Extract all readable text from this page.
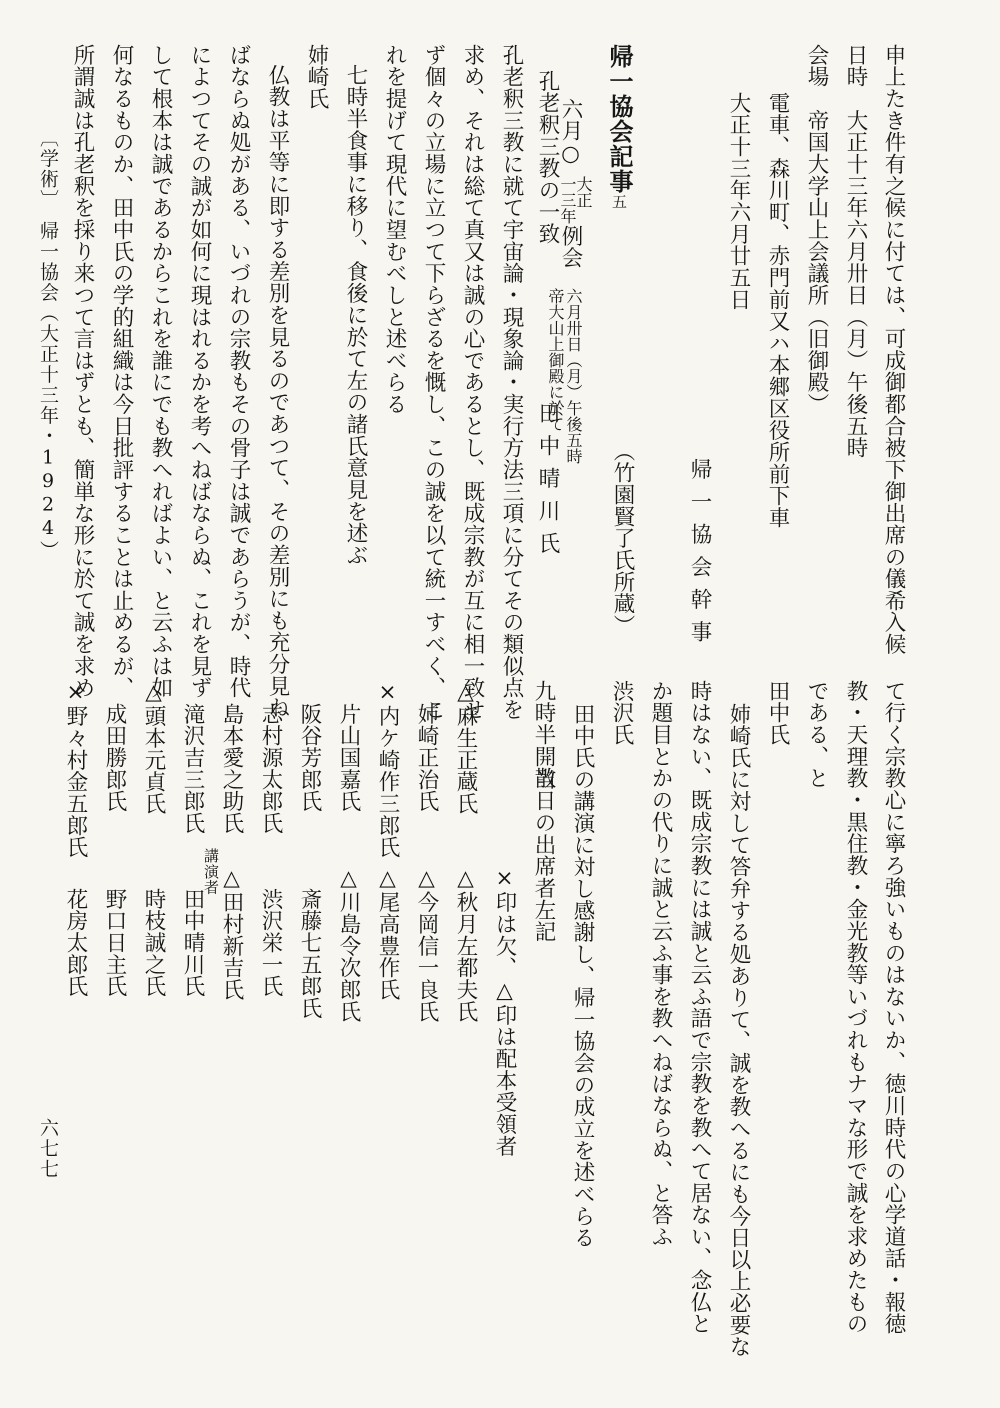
申上たき件有之候に付ては、可成御都合被下御出席の儀希入候
日時　大正十三年六月卅日（月）午後五時
会場　帝国大学山上会議所（旧御殿）
電車、森川町、赤門前又ハ本郷区役所前下車
大正十三年六月廿五日
帰一協会幹事
（竹園賢了氏所蔵）
帰一協会記事五
六月○
大正
一三年
例会
六月卅日（月）午後五時
帝大山上御殿に於て
孔老釈三教の一致
田中晴川氏
孔老釈三教に就て宇宙論・現象論・実行方法三項に分てその類似点を
求め、それは総て真又は誠の心であるとし、既成宗教が互に相一致せ
ず個々の立場に立つて下らざるを慨し、この誠を以て統一すべく、こ
れを提げて現代に望むべしと述べらる
七時半食事に移り、食後に於て左の諸氏意見を述ぶ
姉崎氏
仏教は平等に即する差別を見るのであつて、その差別にも充分見ね
ばならぬ処がある、いづれの宗教もその骨子は誠であらうが、時代
によつてその誠が如何に現はれるかを考へねばならぬ、これを見ず
して根本は誠であるからこれを誰にでも教へればよい、と云ふは如
何なるものか、田中氏の学的組織は今日批評することは止めるが、
所謂誠は孔老釈を採り来つて言はずとも、簡単な形に於て誠を求め
て行く宗教心に寧ろ強いものはないか、徳川時代の心学道話・報徳
教・天理教・黒住教・金光教等いづれもナマな形で誠を求めたもの
である、と
田中氏
姉崎氏に対して答弁する処ありて、誠を教へるにも今日以上必要な
時はない、既成宗教には誠と云ふ語で宗教を教へて居ない、念仏と
か題目とかの代りに誠と云ふ事を教へねばならぬ、と答ふ
渋沢氏
田中氏の講演に対し感謝し、帰一協会の成立を述べらる
九時半開散
当日の出席者左記
×印は欠、△印は配本受領者
△麻生正蔵氏
△秋月左都夫氏
姉崎正治氏
△今岡信一良氏
×内ケ崎作三郎氏
△尾高豊作氏
片山国嘉氏
△川島令次郎氏
阪谷芳郎氏
斎藤七五郎氏
志村源太郎氏
渋沢栄一氏
島本愛之助氏
△田村新吉氏
滝沢吉三郎氏
講演者
田中晴川氏
△頭本元貞氏
時枝誠之氏
成田勝郎氏
野口日主氏
×野々村金五郎氏
花房太郎氏
〔学術〕　帰一協会（大正十三年・1924）
六七七
